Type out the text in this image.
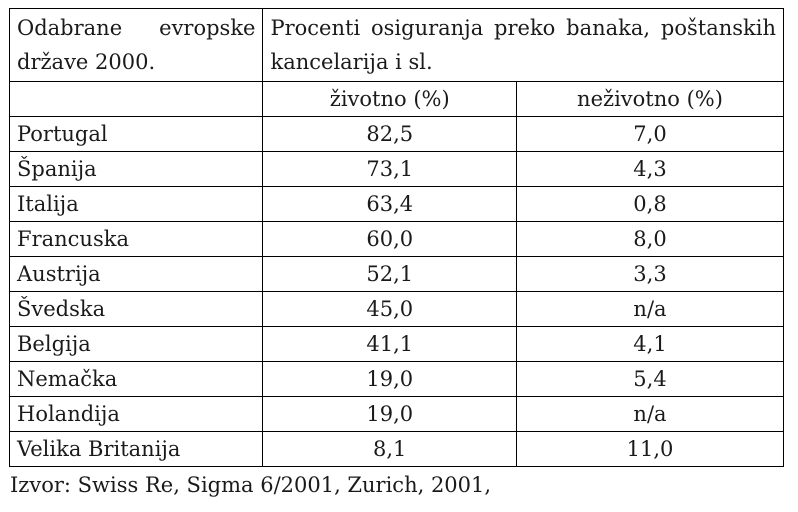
Odabrane evropske države 2000.	Procenti osiguranja preko banaka, poštanskih kancelarija i sl.	
	životno (%)	neživotno (%)
Portugal	82,5	7,0
Španija	73,1	4,3
Italija	63,4	0,8
Francuska	60,0	8,0
Austrija	52,1	3,3
Švedska	45,0	n/a
Belgija	41,1	4,1
Nemačka	19,0	5,4
Holandija	19,0	n/a
Velika Britanija	8,1	11,0
Izvor: Swiss Re, Sigma 6/2001, Zurich, 2001,
